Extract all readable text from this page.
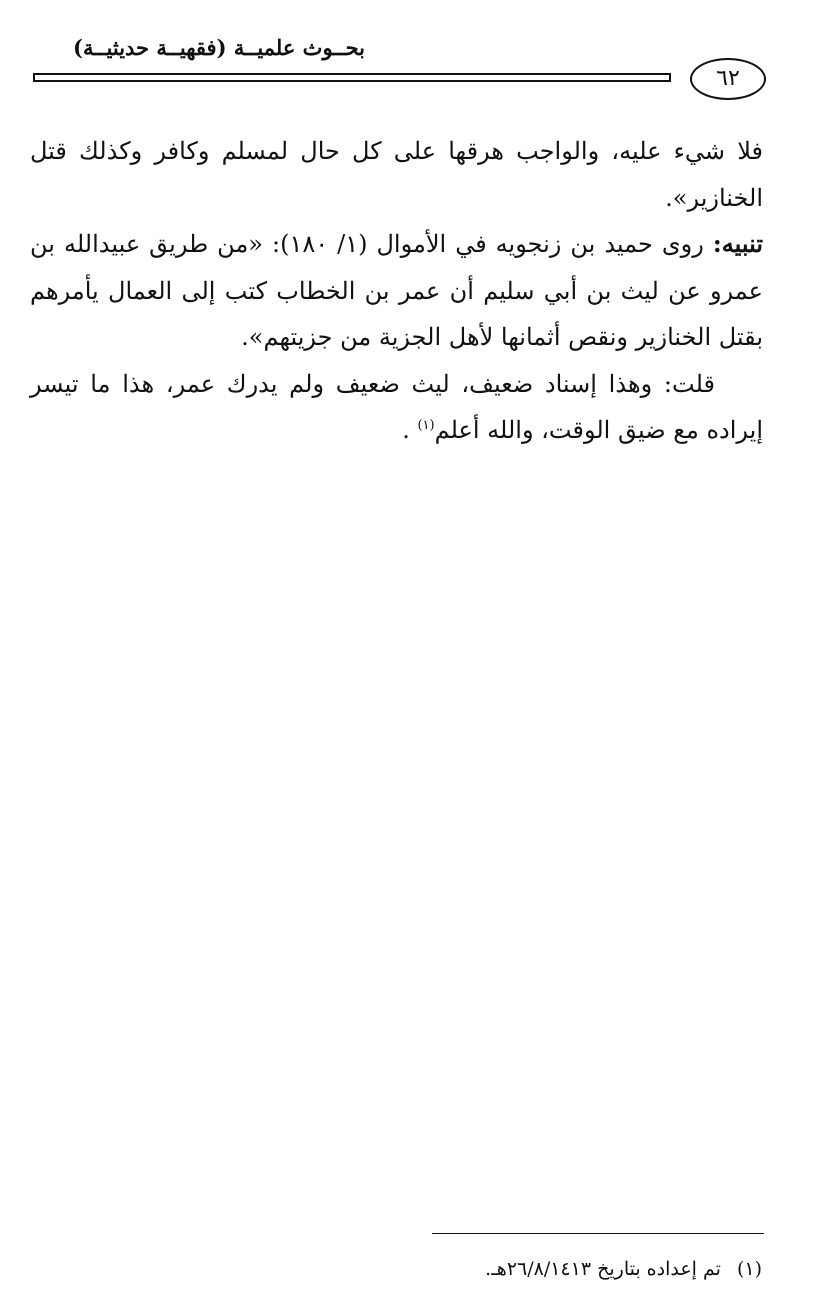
بحــوث علميــة (فقهيــة حديثيــة)
٦٢

فلا شيء عليه، والواجب هرقها على كل حال لمسلم وكافر وكذلك قتل الخنازير».

تنبيه: روى حميد بن زنجويه في الأموال (١/ ١٨٠): «من طريق عبيدالله بن عمرو عن ليث بن أبي سليم أن عمر بن الخطاب كتب إلى العمال يأمرهم بقتل الخنازير ونقص أثمانها لأهل الجزية من جزيتهم».

قلت: وهذا إسناد ضعيف، ليث ضعيف ولم يدرك عمر، هذا ما تيسر إيراده مع ضيق الوقت، والله أعلم$^{(١)}$ .

(١)تم إعداده بتاريخ ٢٦/٨/١٤١٣هـ.
